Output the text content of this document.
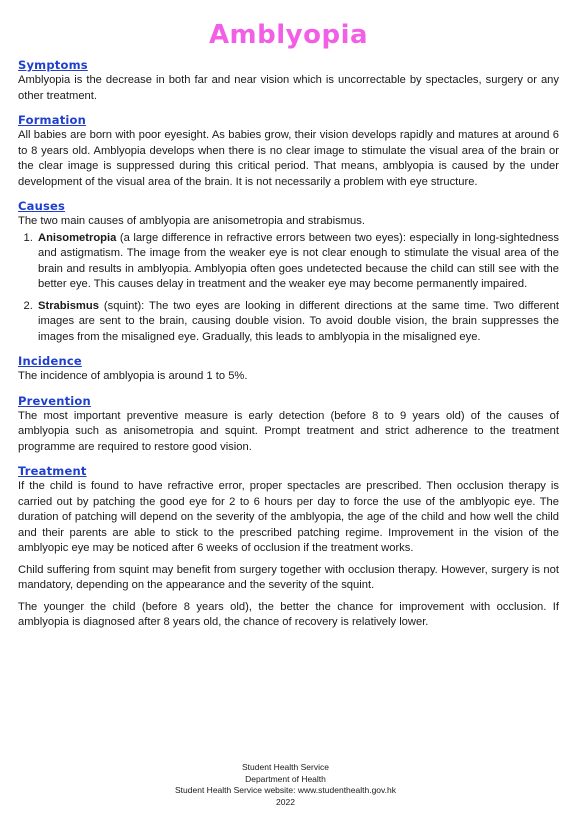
Amblyopia
Symptoms

Amblyopia is the decrease in both far and near vision which is uncorrectable by spectacles, surgery or any other treatment.

Formation

All babies are born with poor eyesight. As babies grow, their vision develops rapidly and matures at around 6 to 8 years old. Amblyopia develops when there is no clear image to stimulate the visual area of the brain or the clear image is suppressed during this critical period. That means, amblyopia is caused by the under development of the visual area of the brain. It is not necessarily a problem with eye structure.

Causes

The two main causes of amblyopia are anisometropia and strabismus.

1. Anisometropia (a large difference in refractive errors between two eyes): especially in long-sightedness and astigmatism. The image from the weaker eye is not clear enough to stimulate the visual area of the brain and results in amblyopia. Amblyopia often goes undetected because the child can still see with the better eye. This causes delay in treatment and the weaker eye may become permanently impaired.
2. Strabismus (squint): The two eyes are looking in different directions at the same time. Two different images are sent to the brain, causing double vision. To avoid double vision, the brain suppresses the images from the misaligned eye. Gradually, this leads to amblyopia in the misaligned eye.
Incidence

The incidence of amblyopia is around 1 to 5%.

Prevention

The most important preventive measure is early detection (before 8 to 9 years old) of the causes of amblyopia such as anisometropia and squint. Prompt treatment and strict adherence to the treatment programme are required to restore good vision.

Treatment

If the child is found to have refractive error, proper spectacles are prescribed. Then occlusion therapy is carried out by patching the good eye for 2 to 6 hours per day to force the use of the amblyopic eye. The duration of patching will depend on the severity of the amblyopia, the age of the child and how well the child and their parents are able to stick to the prescribed patching regime. Improvement in the vision of the amblyopic eye may be noticed after 6 weeks of occlusion if the treatment works.

Child suffering from squint may benefit from surgery together with occlusion therapy. However, surgery is not mandatory, depending on the appearance and the severity of the squint.

The younger the child (before 8 years old), the better the chance for improvement with occlusion. If amblyopia is diagnosed after 8 years old, the chance of recovery is relatively lower.

Student Health Service
Department of Health
Student Health Service website: www.studenthealth.gov.hk
2022
